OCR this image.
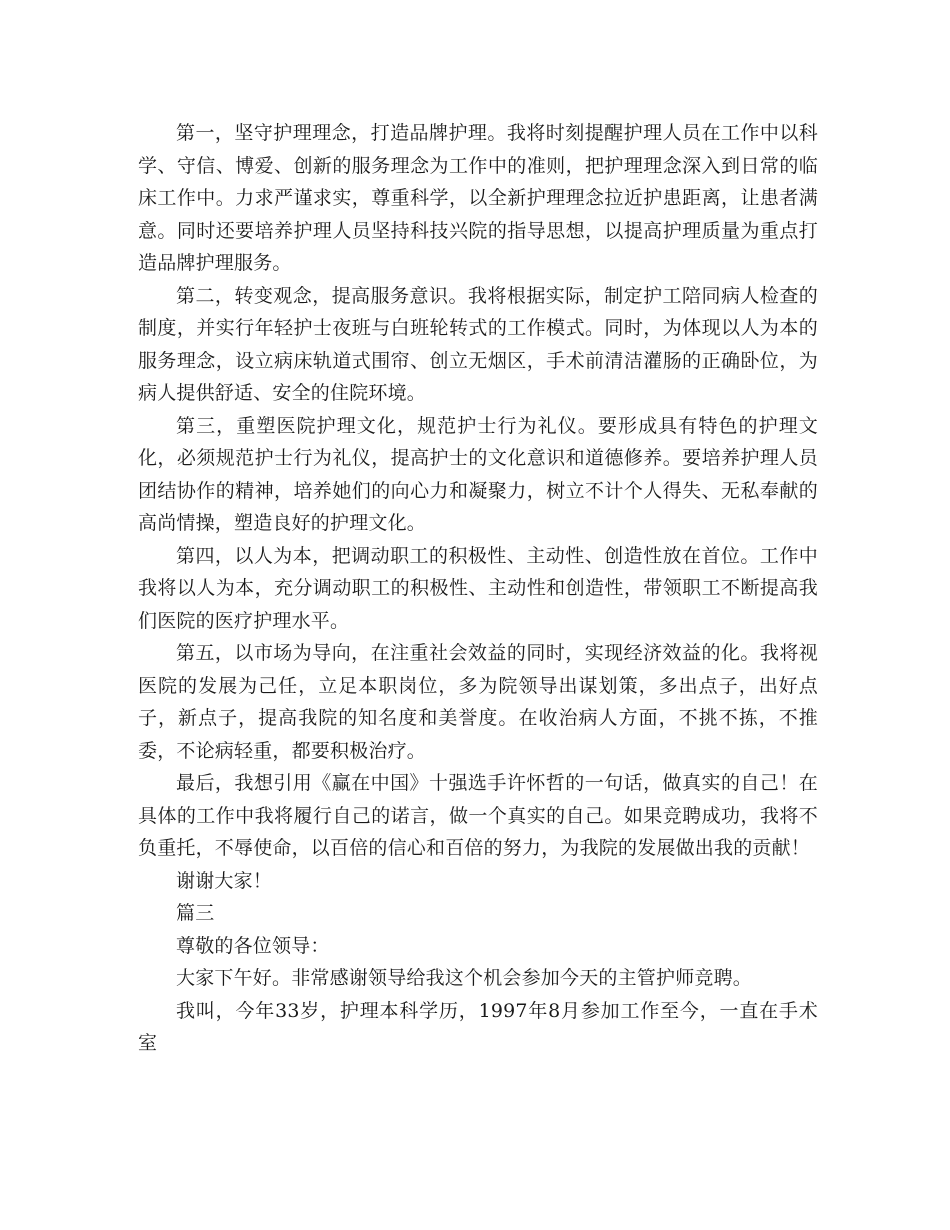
第一，坚守护理理念，打造品牌护理。我将时刻提醒护理人员在工作中以科学、守信、博爱、创新的服务理念为工作中的准则，把护理理念深入到日常的临床工作中。力求严谨求实，尊重科学，以全新护理理念拉近护患距离，让患者满意。同时还要培养护理人员坚持科技兴院的指导思想，以提高护理质量为重点打造品牌护理服务。

第二，转变观念，提高服务意识。我将根据实际，制定护工陪同病人检查的制度，并实行年轻护士夜班与白班轮转式的工作模式。同时，为体现以人为本的服务理念，设立病床轨道式围帘、创立无烟区，手术前清洁灌肠的正确卧位，为病人提供舒适、安全的住院环境。

第三，重塑医院护理文化，规范护士行为礼仪。要形成具有特色的护理文化，必须规范护士行为礼仪，提高护士的文化意识和道德修养。要培养护理人员团结协作的精神，培养她们的向心力和凝聚力，树立不计个人得失、无私奉献的高尚情操，塑造良好的护理文化。

第四，以人为本，把调动职工的积极性、主动性、创造性放在首位。工作中我将以人为本，充分调动职工的积极性、主动性和创造性，带领职工不断提高我们医院的医疗护理水平。

第五，以市场为导向，在注重社会效益的同时，实现经济效益的化。我将视医院的发展为己任，立足本职岗位，多为院领导出谋划策，多出点子，出好点子，新点子，提高我院的知名度和美誉度。在收治病人方面，不挑不拣，不推委，不论病轻重，都要积极治疗。

最后，我想引用《赢在中国》十强选手许怀哲的一句话，做真实的自己！在具体的工作中我将履行自己的诺言，做一个真实的自己。如果竞聘成功，我将不负重托，不辱使命，以百倍的信心和百倍的努力，为我院的发展做出我的贡献！

谢谢大家！

篇三

尊敬的各位领导：

大家下午好。非常感谢领导给我这个机会参加今天的主管护师竞聘。

我叫，今年33岁，护理本科学历，1997年8月参加工作至今，一直在手术室
